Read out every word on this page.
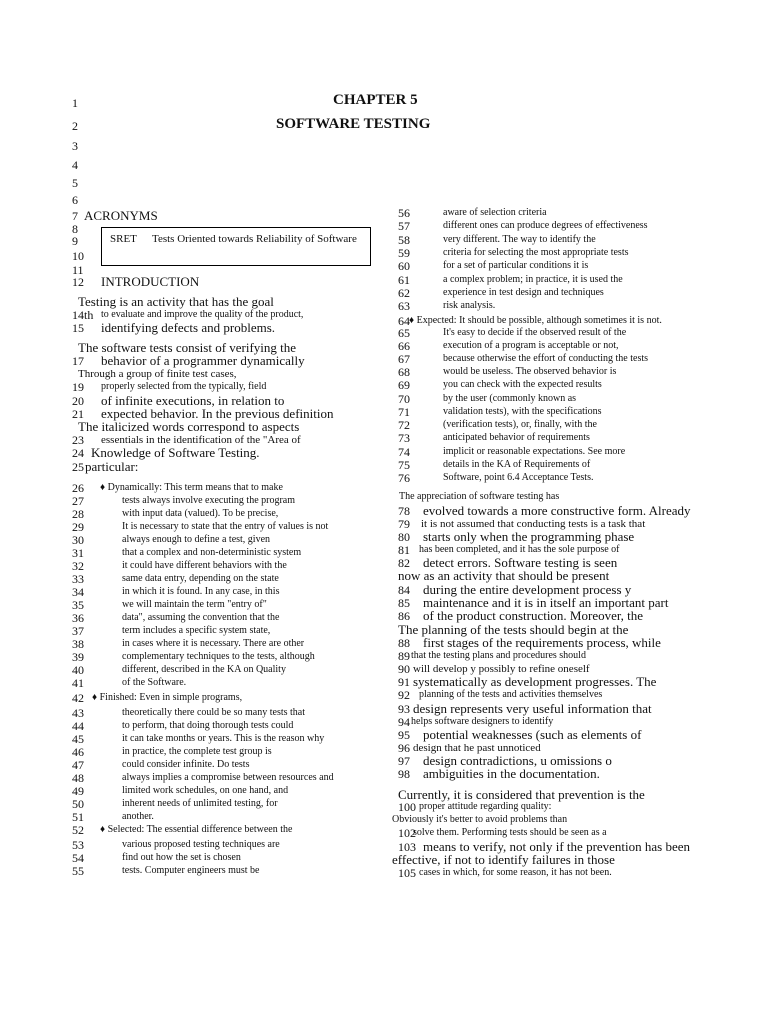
CHAPTER 5
SOFTWARE TESTING
SRET Tests Oriented towards Reliability of Software
1
2
3
4
5
6
7 ACRONYMS
8
9
10
11
12 INTRODUCTION
Testing is an activity that has the goal
14th to evaluate and improve the quality of the product,
15 identifying defects and problems.
The software tests consist of verifying the
17 behavior of a programmer dynamically
Through a group of finite test cases,
19 properly selected from the typically, field
20 of infinite executions, in relation to
21 expected behavior. In the previous definition
The italicized words correspond to aspects
23 essentials in the identification of the "Area of
24 Knowledge of Software Testing.
25 particular:
26 ♦ Dynamically: This term means that to make
27	tests always involve executing the program
28	with input data (valued). To be precise,
29	It is necessary to state that the entry of values is not
30	always enough to define a test, given
31	that a complex and non-deterministic system
32	it could have different behaviors with the
33	same data entry, depending on the state
34	in which it is found. In any case, in this
35	we will maintain the term "entry of"
36	data", assuming the convention that the
37	term includes a specific system state,
38	in cases where it is necessary. There are other
39	complementary techniques to the tests, although
40	different, described in the KA on Quality
41	of the Software.
42 ♦ Finished: Even in simple programs,
43	theoretically there could be so many tests that
44	to perform, that doing thorough tests could
45	it can take months or years. This is the reason why
46	in practice, the complete test group is
47	could consider infinite. Do tests
48	always implies a compromise between resources and
49	limited work schedules, on one hand, and
50	inherent needs of unlimited testing, for
51	another.
52 ♦ Selected: The essential difference between the
53	various proposed testing techniques are
54	find out how the set is chosen
55	tests. Computer engineers must be
56	aware of selection criteria
57	different ones can produce degrees of effectiveness
58	very different. The way to identify the
59	criteria for selecting the most appropriate tests
60	for a set of particular conditions it is
61	a complex problem; in practice, it is used the
62	experience in test design and techniques
63	risk analysis.
64 ♦ Expected: It should be possible, although sometimes it is not.
65	It's easy to decide if the observed result of the
66	execution of a program is acceptable or not,
67	because otherwise the effort of conducting the tests
68	would be useless. The observed behavior is
69	you can check with the expected results
70	by the user (commonly known as
71	validation tests), with the specifications
72	(verification tests), or, finally, with the
73	anticipated behavior of requirements
74	implicit or reasonable expectations. See more
75	details in the KA of Requirements of
76	Software, point 6.4 Acceptance Tests.
The appreciation of software testing has
78 evolved towards a more constructive form. Already
79 it is not assumed that conducting tests is a task that
80 starts only when the programming phase
81 has been completed, and it has the sole purpose of
82 detect errors. Software testing is seen
now as an activity that should be present
84 during the entire development process y
85 maintenance and it is in itself an important part
86 of the product construction. Moreover, the
The planning of the tests should begin at the
88 first stages of the requirements process, while
89 that the testing plans and procedures should
90 will develop y possibly to refine oneself
91 systematically as development progresses. The
92 planning of the tests and activities themselves
93 design represents very useful information that
94 helps software designers to identify
95 potential weaknesses (such as elements of
96 design that he past unnoticed
97 design contradictions, u omissions o
98 ambiguities in the documentation.
Currently, it is considered that prevention is the
100 proper attitude regarding quality:
Obviously it's better to avoid problems than
102
solve them. Performing tests should be seen as a
103 means to verify, not only if the prevention has been
effective, if not to identify failures in those
105 cases in which, for some reason, it has not been.
